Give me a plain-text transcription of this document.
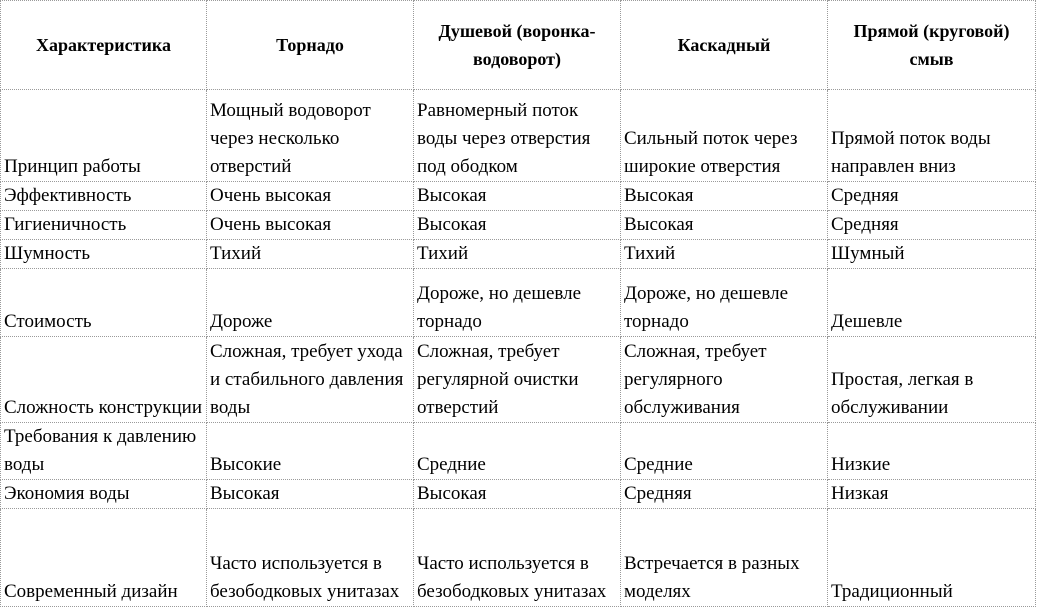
Характеристика	Торнадо	Душевой (воронка-водоворот)	Каскадный	Прямой (круговой) смыв
Принцип работы	Мощный водоворот через несколько отверстий	Равномерный поток воды через отверстия под ободком	Сильный поток через широкие отверстия	Прямой поток воды направлен вниз
Эффективность	Очень высокая	Высокая	Высокая	Средняя
Гигиеничность	Очень высокая	Высокая	Высокая	Средняя
Шумность	Тихий	Тихий	Тихий	Шумный
Стоимость	Дороже	Дороже, но дешевле торнадо	Дороже, но дешевле торнадо	Дешевле
Сложность конструкции	Сложная, требует ухода и стабильного давления воды	Сложная, требует регулярной очистки отверстий	Сложная, требует регулярного обслуживания	Простая, легкая в обслуживании
Требования к давлению воды	Высокие	Средние	Средние	Низкие
Экономия воды	Высокая	Высокая	Средняя	Низкая
Современный дизайн	Часто используется в безободковых унитазах	Часто используется в безободковых унитазах	Встречается в разных моделях	Традиционный
